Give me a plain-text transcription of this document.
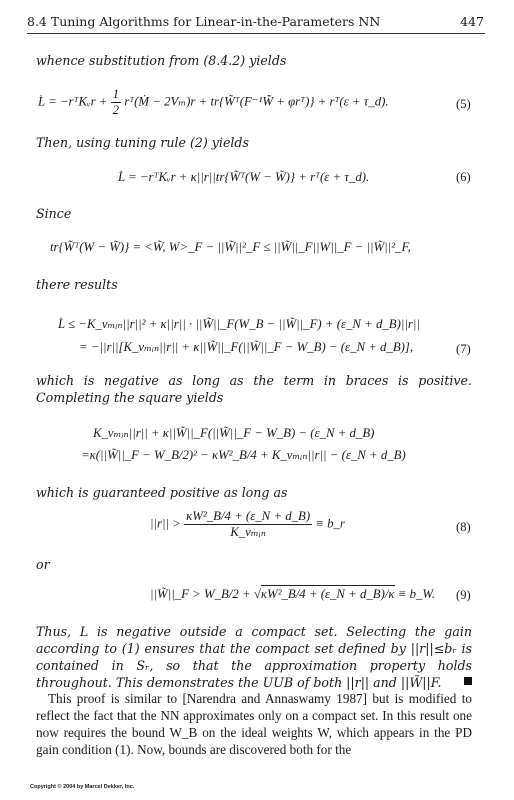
8.4 Tuning Algorithms for Linear-in-the-Parameters NN	447
whence substitution from (8.4.2) yields
L̇ = −rᵀKᵥr + $\frac{1}{2}$ rᵀ(Ṁ − 2Vₘ)r + tr{W̃ᵀ(F⁻¹W̃̇ + φrᵀ)} + rᵀ(ε + τ_d).	(5)
Then, using tuning rule (2) yields
L̇ = −rᵀKᵥr + κ||r||tr{W̃ᵀ(W − W̃)} + rᵀ(ε + τ_d).	(6)
Since
tr{W̃ᵀ(W − W̃)} = <W̃, W>_F − ||W̃||²_F ≤ ||W̃||_F||W||_F − ||W̃||²_F,
there results
L̇ ≤ −K_vₘᵢₙ||r||² + κ||r|| · ||W̃||_F(W_B − ||W̃||_F) + (ε_N + d_B)||r||
= −||r||[K_vₘᵢₙ||r|| + κ||W̃||_F(||W̃||_F − W_B) − (ε_N + d_B)],	(7)
which is negative as long as the term in braces is positive. Completing the square yields
K_vₘᵢₙ||r|| + κ||W̃||_F(||W̃||_F − W_B) − (ε_N + d_B)
=κ(||W̃||_F − W_B/2)² − κW²_B/4 + K_vₘᵢₙ||r|| − (ε_N + d_B)
which is guaranteed positive as long as
$||r|| > \frac{\text{κW²\_B/4 + (ε\_N + d\_B)}}{\text{K\_vₘᵢₙ}}$ ≡ b_r	(8)
or
||W̃||_F > W_B/2 + √κW²_B/4 + (ε_N + d_B)/κ ≡ b_W. (9)
Thus, L is negative outside a compact set. Selecting the gain according to (1) ensures that the compact set defined by ||r||≤bᵣ is contained in Sᵣ, so that the approximation property holds throughout. This demonstrates the UUB of both ||r|| and ||W̃||F.
This proof is similar to [Narendra and Annaswamy 1987] but is modified to reflect the fact that the NN approximates only on a compact set. In this result one now requires the bound W_B on the ideal weights W, which appears in the PD gain condition (1). Now, bounds are discovered both for the
Copyright © 2004 by Marcel Dekker, Inc.
